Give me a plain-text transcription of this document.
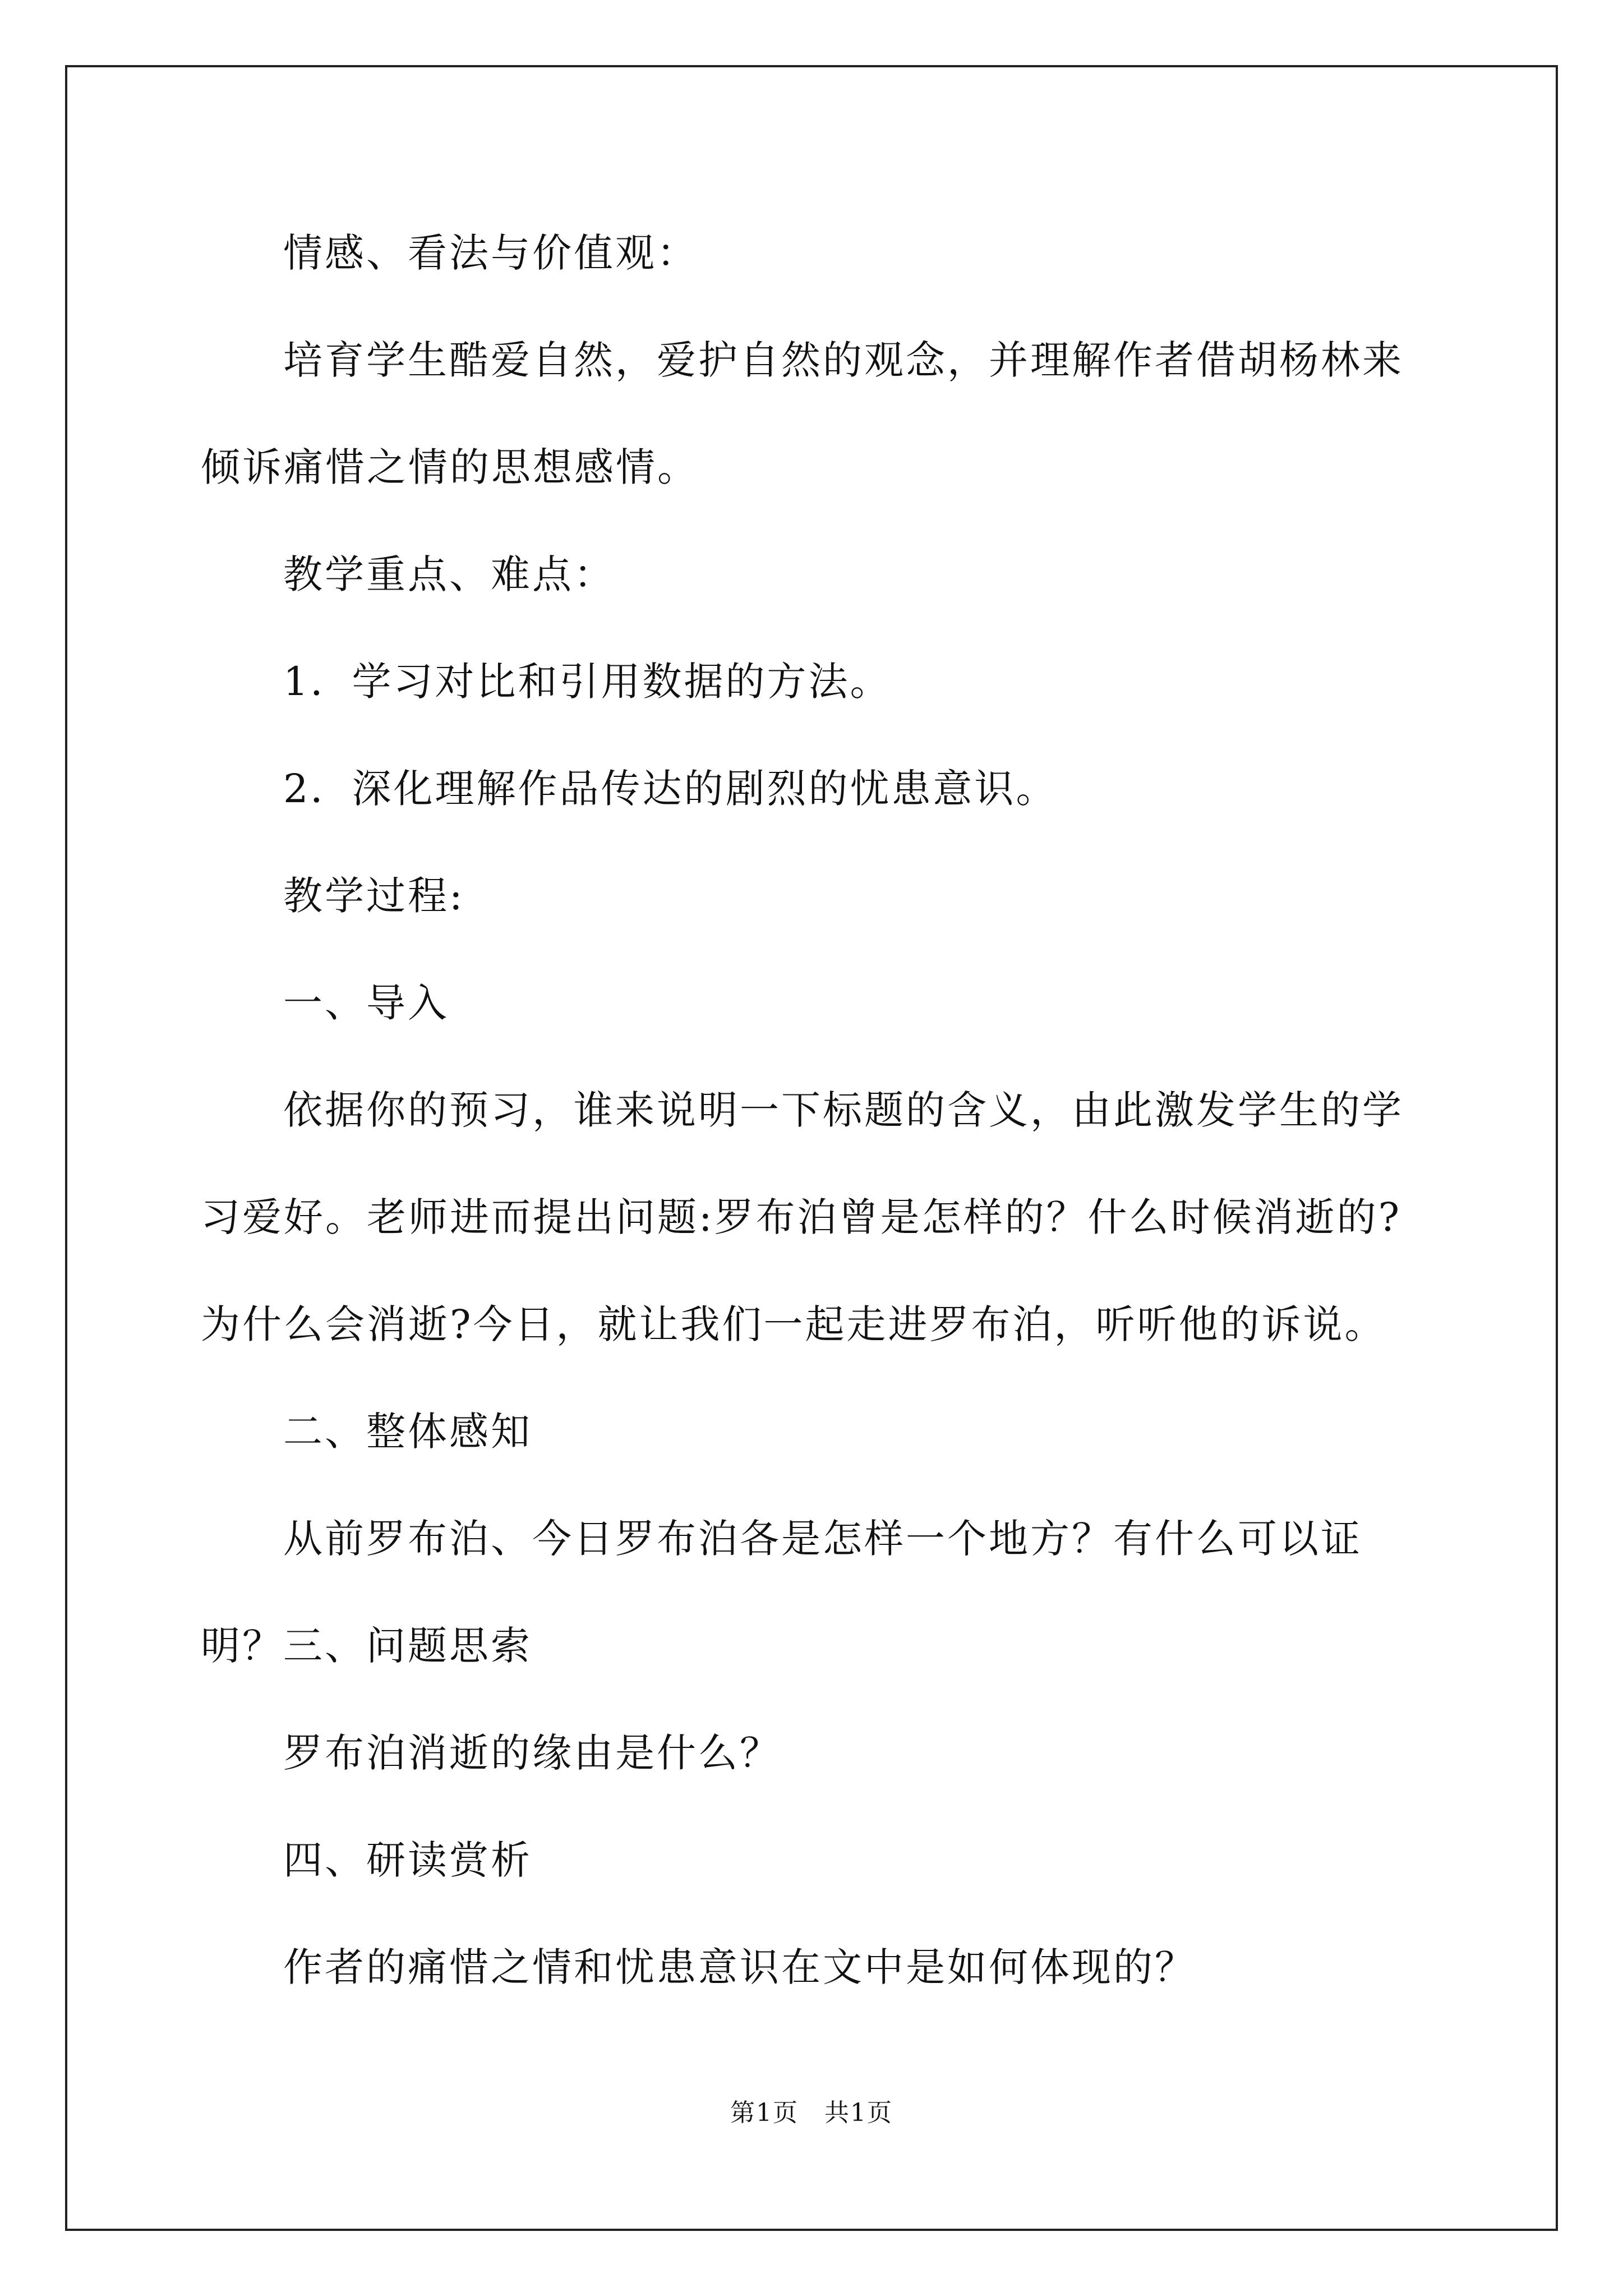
情感、看法与价值观：

培育学生酷爱自然，爱护自然的观念，并理解作者借胡杨林来倾诉痛惜之情的思想感情。

教学重点、难点：

1．学习对比和引用数据的方法。

2．深化理解作品传达的剧烈的忧患意识。

教学过程:

一、导入

依据你的预习，谁来说明一下标题的含义，由此激发学生的学习爱好。老师进而提出问题:罗布泊曾是怎样的？什么时候消逝的?为什么会消逝?今日，就让我们一起走进罗布泊，听听他的诉说。

二、整体感知

从前罗布泊、今日罗布泊各是怎样一个地方？有什么可以证明？ 三、问题思索

罗布泊消逝的缘由是什么？

四、研读赏析

作者的痛惜之情和忧患意识在文中是如何体现的？

第1页　共1页
